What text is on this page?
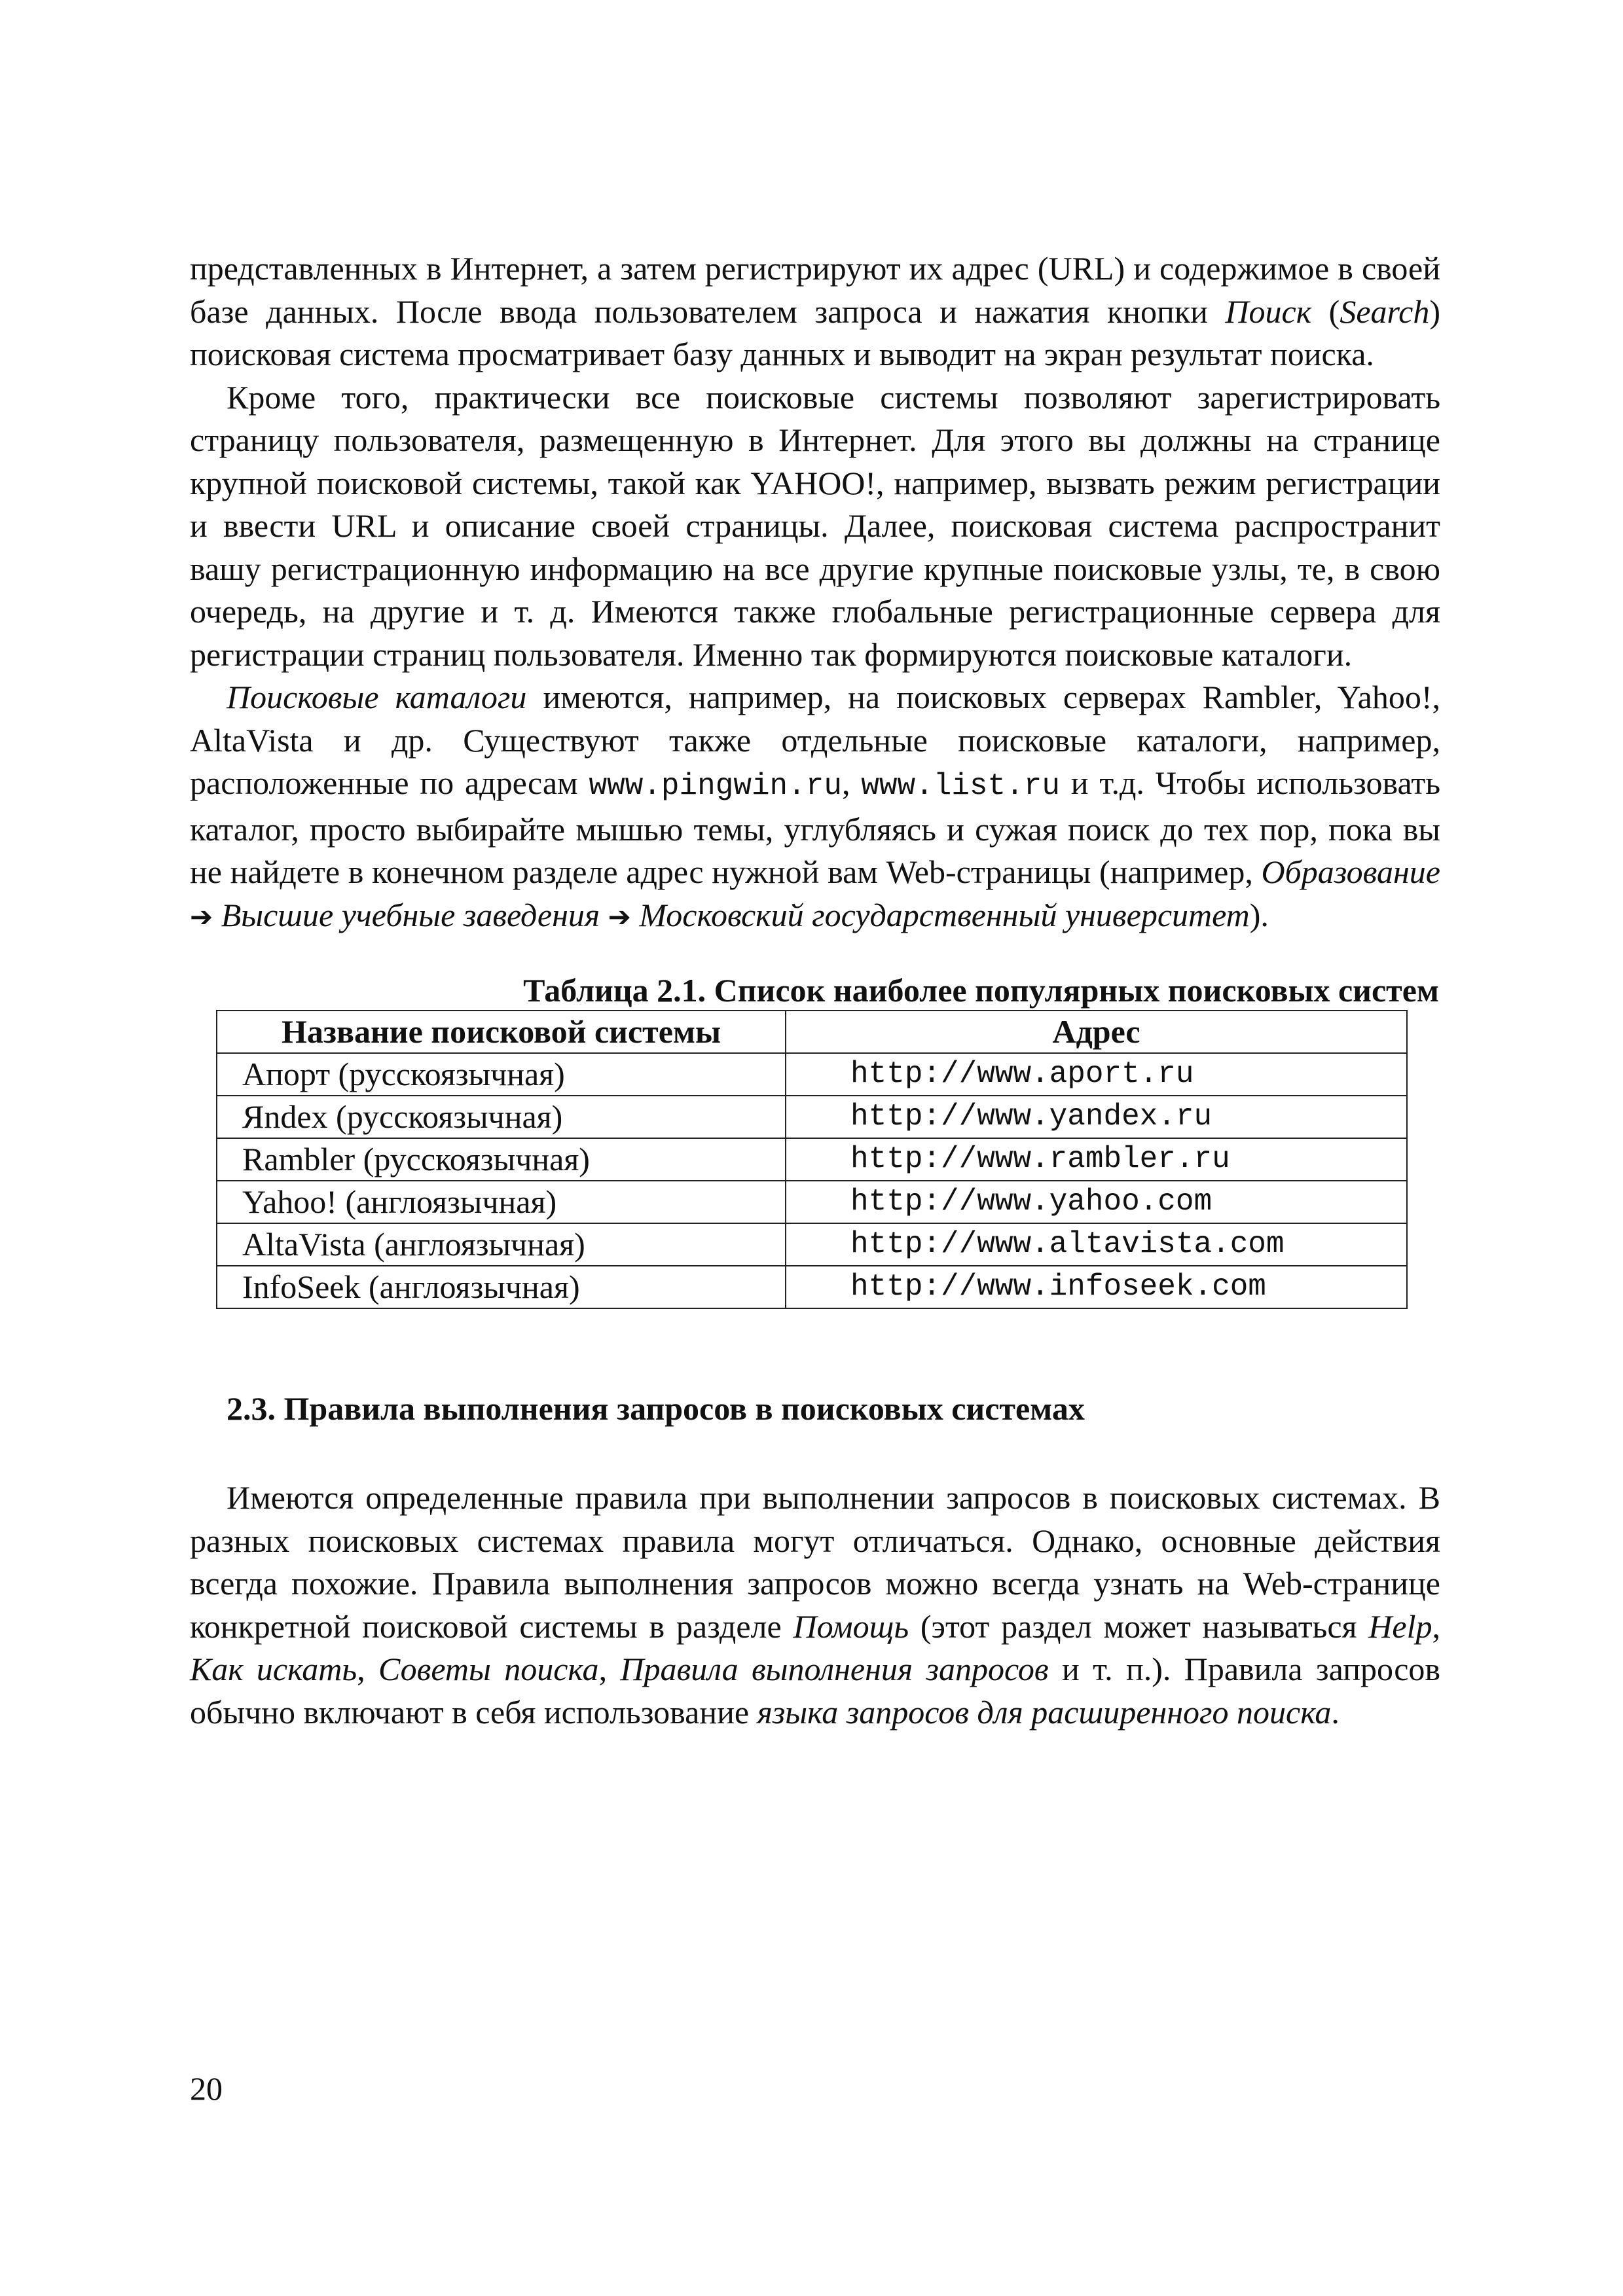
представленных в Интернет, а затем регистрируют их адрес (URL) и содержимое в своей базе данных. После ввода пользователем запроса и нажатия кнопки Поиск (Search) поисковая система просматривает базу данных и выводит на экран результат поиска.

Кроме того, практически все поисковые системы позволяют зарегистрировать страницу пользователя, размещенную в Интернет. Для этого вы должны на странице крупной поисковой системы, такой как YAHOO!, например, вызвать режим регистрации и ввести URL и описание своей страницы. Далее, поисковая система распространит вашу регистрационную информацию на все другие крупные поисковые узлы, те, в свою очередь, на другие и т. д. Имеются также глобальные регистрационные сервера для регистрации страниц пользователя. Именно так формируются поисковые каталоги.

Поисковые каталоги имеются, например, на поисковых серверах Rambler, Yahoo!, AltaVista и др. Существуют также отдельные поисковые каталоги, например, расположенные по адресам www.pingwin.ru, www.list.ru и т.д. Чтобы использовать каталог, просто выбирайте мышью темы, углубляясь и сужая поиск до тех пор, пока вы не найдете в конечном разделе адрес нужной вам Web-страницы (например, Образование ➔ Высшие учебные заведения ➔ Московский государственный университет).

Таблица 2.1. Список наиболее популярных поисковых систем
Название поисковой системы	Адрес
Апорт (русскоязычная)	http://www.aport.ru
Яndex (русскоязычная)	http://www.yandex.ru
Rambler (русскоязычная)	http://www.rambler.ru
Yahoo! (англоязычная)	http://www.yahoo.com
AltaVista (англоязычная)	http://www.altavista.com
InfoSeek (англоязычная)	http://www.infoseek.com
2.3. Правила выполнения запросов в поисковых системах

Имеются определенные правила при выполнении запросов в поисковых системах. В разных поисковых системах правила могут отличаться. Однако, основные действия всегда похожие. Правила выполнения запросов можно всегда узнать на Web-странице конкретной поисковой системы в разделе Помощь (этот раздел может называться Help, Как искать, Советы поиска, Правила выполнения запросов и т. п.). Правила запросов обычно включают в себя использование языка запросов для расширенного поиска.

20
